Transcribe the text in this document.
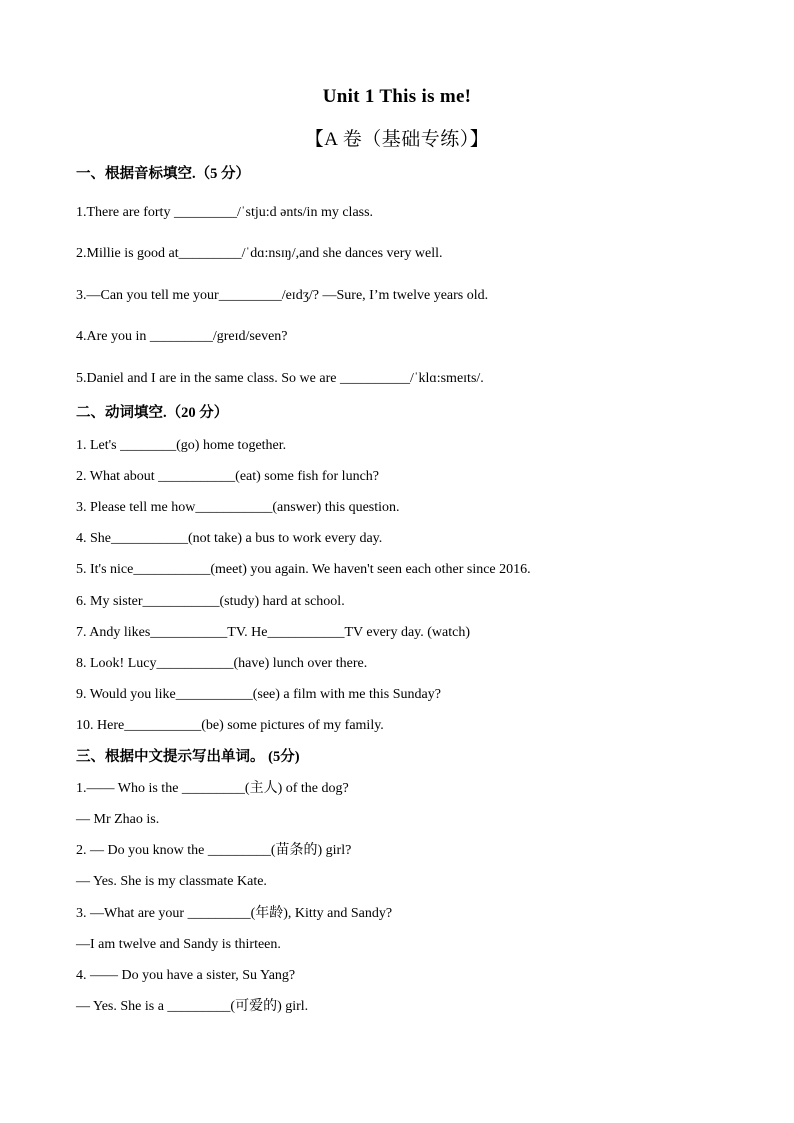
Unit 1 This is me!
【A 卷（基础专练）】
一、根据音标填空.（5 分）
1.There are forty _________/ˈstju:d ənts/in my class.
2.Millie is good at_________/ˈdɑ:nsɪŋ/,and she dances very well.
3.—Can you tell me your_________/eɪdʒ/? —Sure, I’m twelve years old.
4.Are you in _________/greɪd/seven?
5.Daniel and I are in the same class. So we are __________/ˈklɑ:smeɪts/.
二、动词填空.（20 分）
1. Let's ________(go) home together.
2. What about ___________(eat) some fish for lunch?
3. Please tell me how___________(answer) this question.
4. She___________(not take) a bus to work every day.
5. It's nice___________(meet) you again. We haven't seen each other since 2016.
6. My sister___________(study) hard at school.
7. Andy likes___________TV. He___________TV every day. (watch)
8. Look! Lucy___________(have) lunch over there.
9. Would you like___________(see) a film with me this Sunday?
10. Here___________(be) some pictures of my family.
三、根据中文提示写出单词。 (5分)
1.—— Who is the _________(主人) of the dog?
— Mr Zhao is.
2. — Do you know the _________(苗条的) girl?
— Yes. She is my classmate Kate.
3. —What are your _________(年龄), Kitty and Sandy?
—I am twelve and Sandy is thirteen.
4. —— Do you have a sister, Su Yang?
— Yes. She is a _________(可爱的) girl.
